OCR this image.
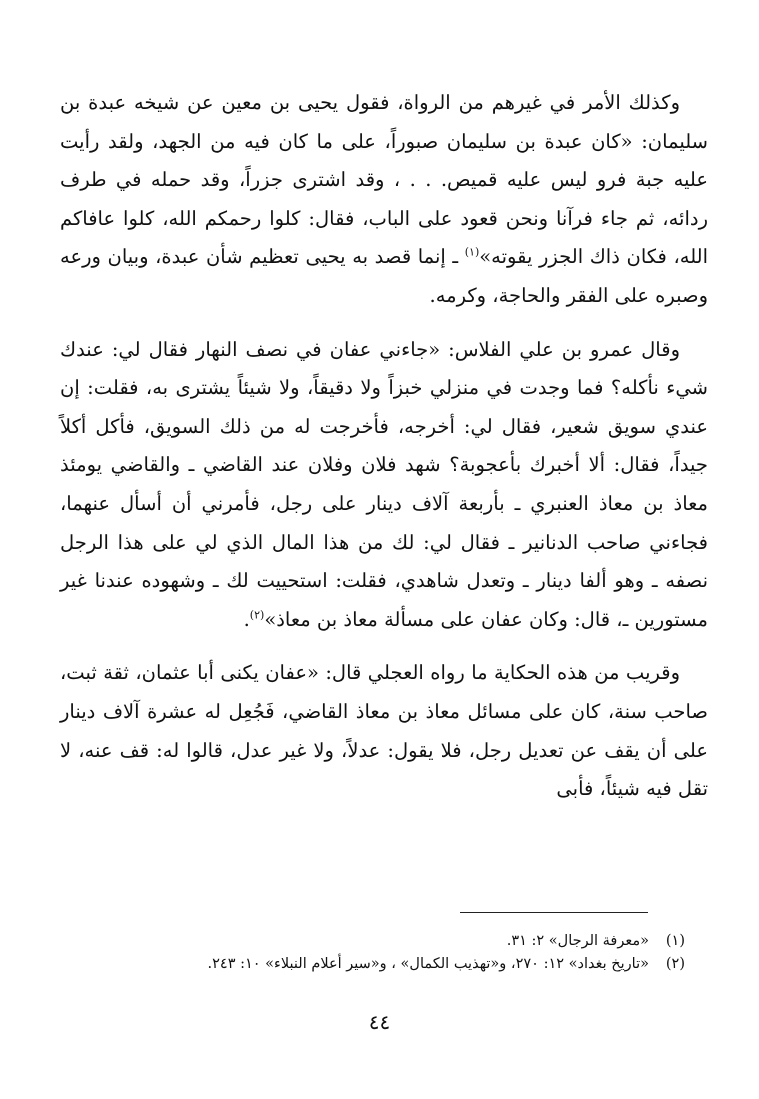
وكذلك الأمر في غيرهم من الرواة، فقول يحيى بن معين عن شيخه عبدة بن سليمان: «كان عبدة بن سليمان صبوراً، على ما كان فيه من الجهد، ولقد رأيت عليه جبة فرو ليس عليه قميص. . . ، وقد اشترى جزراً، وقد حمله في طرف ردائه، ثم جاء فرآنا ونحن قعود على الباب، فقال: كلوا رحمكم الله، كلوا عافاكم الله، فكان ذاك الجزر يقوته»$^{(١)}$ ـ إنما قصد به يحيى تعظيم شأن عبدة، وبيان ورعه وصبره على الفقر والحاجة، وكرمه.

وقال عمرو بن علي الفلاس: «جاءني عفان في نصف النهار فقال لي: عندك شيء نأكله؟ فما وجدت في منزلي خبزاً ولا دقيقاً، ولا شيئاً يشترى به، فقلت: إن عندي سويق شعير، فقال لي: أخرجه، فأخرجت له من ذلك السويق، فأكل أكلاً جيداً، فقال: ألا أخبرك بأعجوبة؟ شهد فلان وفلان عند القاضي ـ والقاضي يومئذ معاذ بن معاذ العنبري ـ بأربعة آلاف دينار على رجل، فأمرني أن أسأل عنهما، فجاءني صاحب الدنانير ـ فقال لي: لك من هذا المال الذي لي على هذا الرجل نصفه ـ وهو ألفا دينار ـ وتعدل شاهدي، فقلت: استحييت لك ـ وشهوده عندنا غير مستورين ـ، قال: وكان عفان على مسألة معاذ بن معاذ»$^{(٢)}$.

وقريب من هذه الحكاية ما رواه العجلي قال: «عفان يكنى أبا عثمان، ثقة ثبت، صاحب سنة، كان على مسائل معاذ بن معاذ القاضي، فَجُعِل له عشرة آلاف دينار على أن يقف عن تعديل رجل، فلا يقول: عدلاً، ولا غير عدل، قالوا له: قف عنه، لا تقل فيه شيئاً، فأبى

(١)«معرفة الرجال» ٢: ٣١.
(٢)«تاريخ بغداد» ١٢: ٢٧٠، و«تهذيب الكمال» ، و«سير أعلام النبلاء» ١٠: ٢٤٣.
٤٤
